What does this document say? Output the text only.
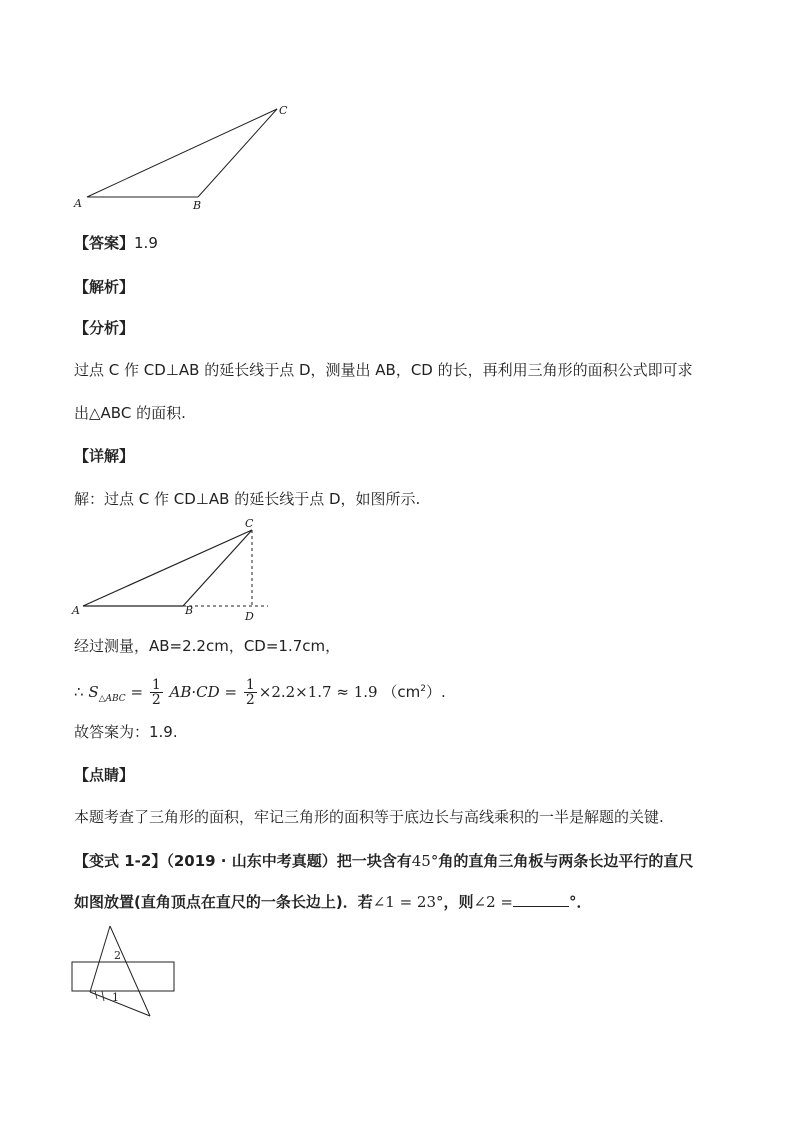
A	B
C
【答案】1.9
【解析】
【分析】
过点 C 作 CD⊥AB 的延长线于点 D，测量出 AB，CD 的长，再利用三角形的面积公式即可求
出△ABC 的面积.
【详解】
解：过点 C 作 CD⊥AB 的延长线于点 D，如图所示.
A	B
C
D
经过测量，AB=2.2cm，CD=1.7cm，
∴ $S_{\triangle ABC} = \frac{1}{2} AB\cdot CD = \frac{1}{2} \times 2.2\times 1.7 \approx 1.9$ $(cm^2)$.
故答案为：1.9.
【点睛】
本题考查了三角形的面积，牢记三角形的面积等于底边长与高线乘积的一半是解题的关键.
【变式 1-2】（2019 · 山东中考真题）把一块含有45°角的直角三角板与两条长边平行的直尺
如图放置(直角顶点在直尺的一条长边上)．若∠1 = 23°，则∠2 =	°．
2
1
